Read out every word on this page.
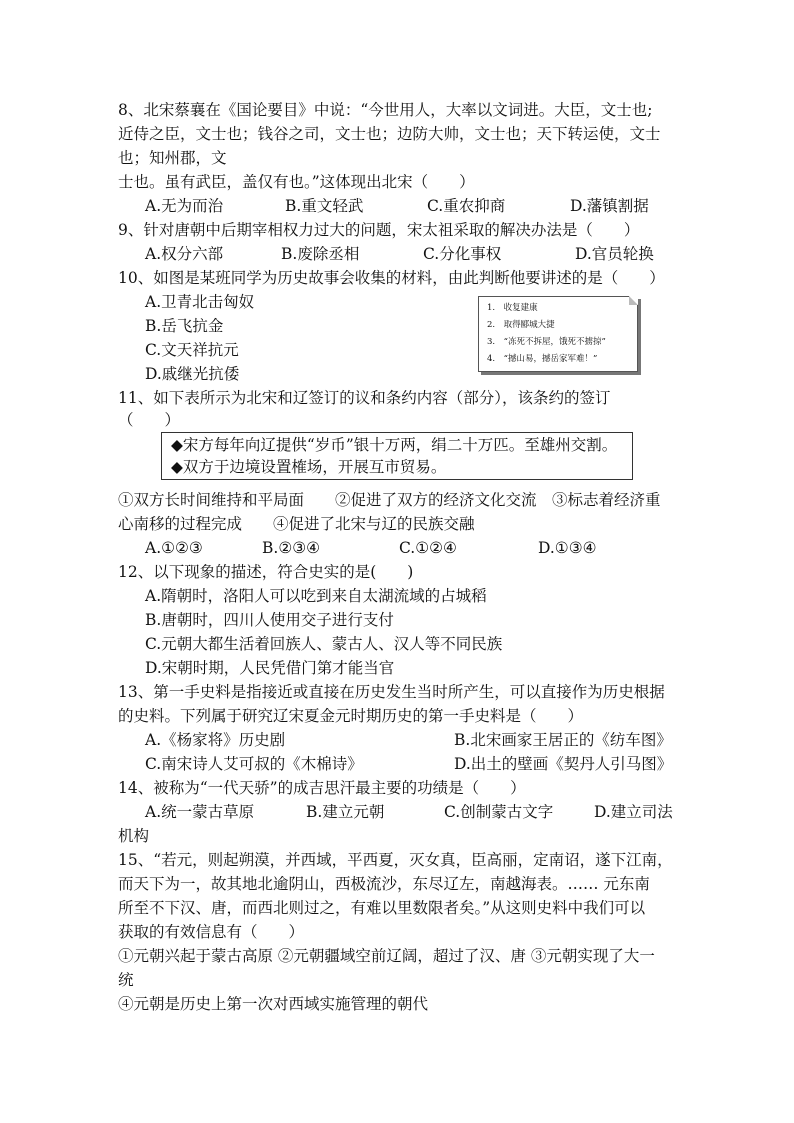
8、北宋蔡襄在《国论要目》中说：“今世用人，大率以文词进。大臣，文士也;
近侍之臣，文士也；钱谷之司，文士也；边防大帅，文士也；天下转运使，文士
也；知州郡，文
士也。虽有武臣，盖仅有也。”这体现出北宋（　　）
A.无为而治	B.重文轻武	C.重农抑商	D.藩镇割据
9、针对唐朝中后期宰相权力过大的问题，宋太祖采取的解决办法是（　　）
A.权分六部	B.废除丞相	C.分化事权	D.官员轮换
10、如图是某班同学为历史故事会收集的材料，由此判断他要讲述的是（　　）
A.卫青北击匈奴
B.岳飞抗金
C.文天祥抗元
D.戚继光抗倭
1.　收复建康
2.　取得郾城大捷
3.　“冻死不拆屋，饿死不掳掠”
4.　“撼山易，撼岳家军难！”
11、如下表所示为北宋和辽签订的议和条约内容（部分），该条约的签订
（　　）
◆宋方每年向辽提供“岁币”银十万两，绢二十万匹。至雄州交割。
◆双方于边境设置榷场，开展互市贸易。
①双方长时间维持和平局面　　②促进了双方的经济文化交流　③标志着经济重
心南移的过程完成　　④促进了北宋与辽的民族交融
A.①②③	B.②③④	C.①②④	D.①③④
12、以下现象的描述，符合史实的是(　　)
A.隋朝时，洛阳人可以吃到来自太湖流域的占城稻
B.唐朝时，四川人使用交子进行支付
C.元朝大都生活着回族人、蒙古人、汉人等不同民族
D.宋朝时期，人民凭借门第才能当官
13、第一手史料是指接近或直接在历史发生当时所产生，可以直接作为历史根据
的史料。下列属于研究辽宋夏金元时期历史的第一手史料是（　　）
A.《杨家将》历史剧	B.北宋画家王居正的《纺车图》
C.南宋诗人艾可叔的《木棉诗》	D.出土的壁画《契丹人引马图》
14、被称为“一代天骄”的成吉思汗最主要的功绩是（　　）
A.统一蒙古草原	B.建立元朝	C.创制蒙古文字	D.建立司法
机构
15、“若元，则起朔漠，并西域，平西夏，灭女真，臣高丽，定南诏，遂下江南，
而天下为一，故其地北逾阴山，西极流沙，东尽辽左，南越海表。…… 元东南
所至不下汉、唐，而西北则过之，有难以里数限者矣。”从这则史料中我们可以
获取的有效信息有（　　）
①元朝兴起于蒙古高原 ②元朝疆域空前辽阔，超过了汉、唐 ③元朝实现了大一
统
④元朝是历史上第一次对西域实施管理的朝代
